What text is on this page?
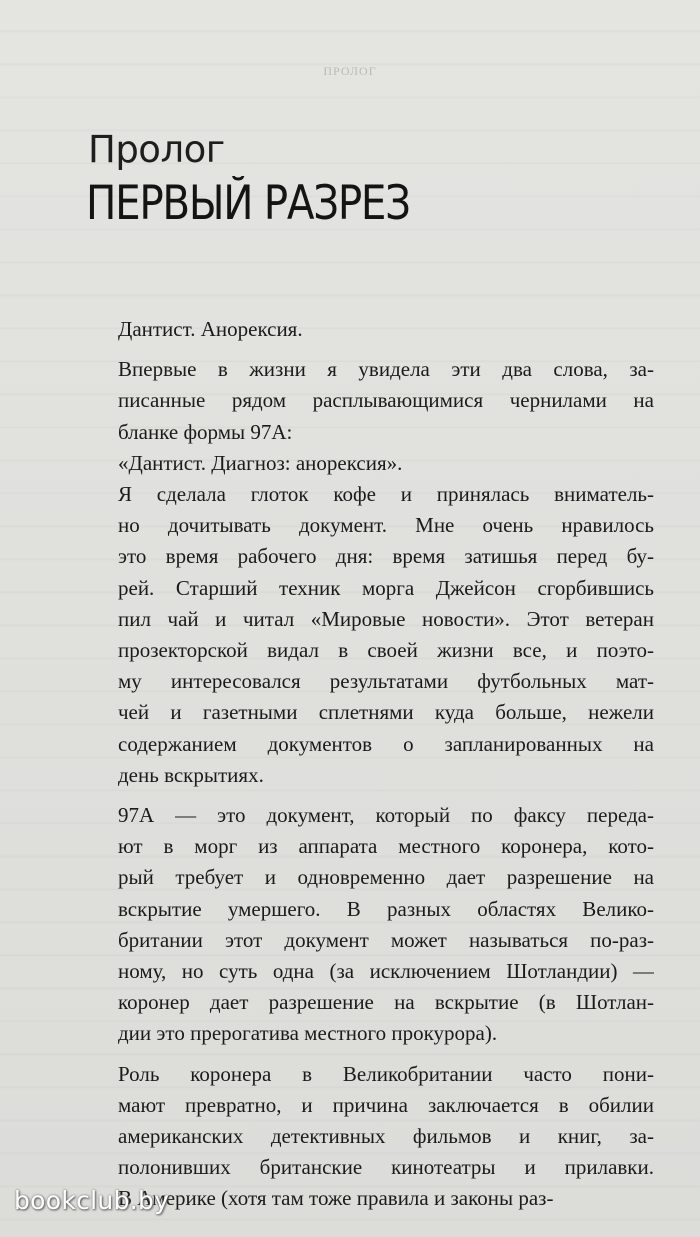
ПРОЛОГ
Пролог
ПЕРВЫЙ РАЗРЕЗ
Дантист. Анорексия.
Впервые в жизни я увидела эти два слова, за-
писанные рядом расплывающимися чернилами на
бланке формы 97А:
«Дантист. Диагноз: анорексия».
Я сделала глоток кофе и принялась вниматель-
но дочитывать документ. Мне очень нравилось
это время рабочего дня: время затишья перед бу-
рей. Старший техник морга Джейсон сгорбившись
пил чай и читал «Мировые новости». Этот ветеран
прозекторской видал в своей жизни все, и поэто-
му интересовался результатами футбольных мат-
чей и газетными сплетнями куда больше, нежели
содержанием документов о запланированных на
день вскрытиях.
97А — это документ, который по факсу переда-
ют в морг из аппарата местного коронера, кото-
рый требует и одновременно дает разрешение на
вскрытие умершего. В разных областях Велико-
британии этот документ может называться по-раз-
ному, но суть одна (за исключением Шотландии) —
коронер дает разрешение на вскрытие (в Шотлан-
дии это прерогатива местного прокурора).
Роль коронера в Великобритании часто пони-
мают превратно, и причина заключается в обилии
американских детективных фильмов и книг, за-
полонивших британские кинотеатры и прилавки.
В Америке (хотя там тоже правила и законы раз-
bookclub.by
